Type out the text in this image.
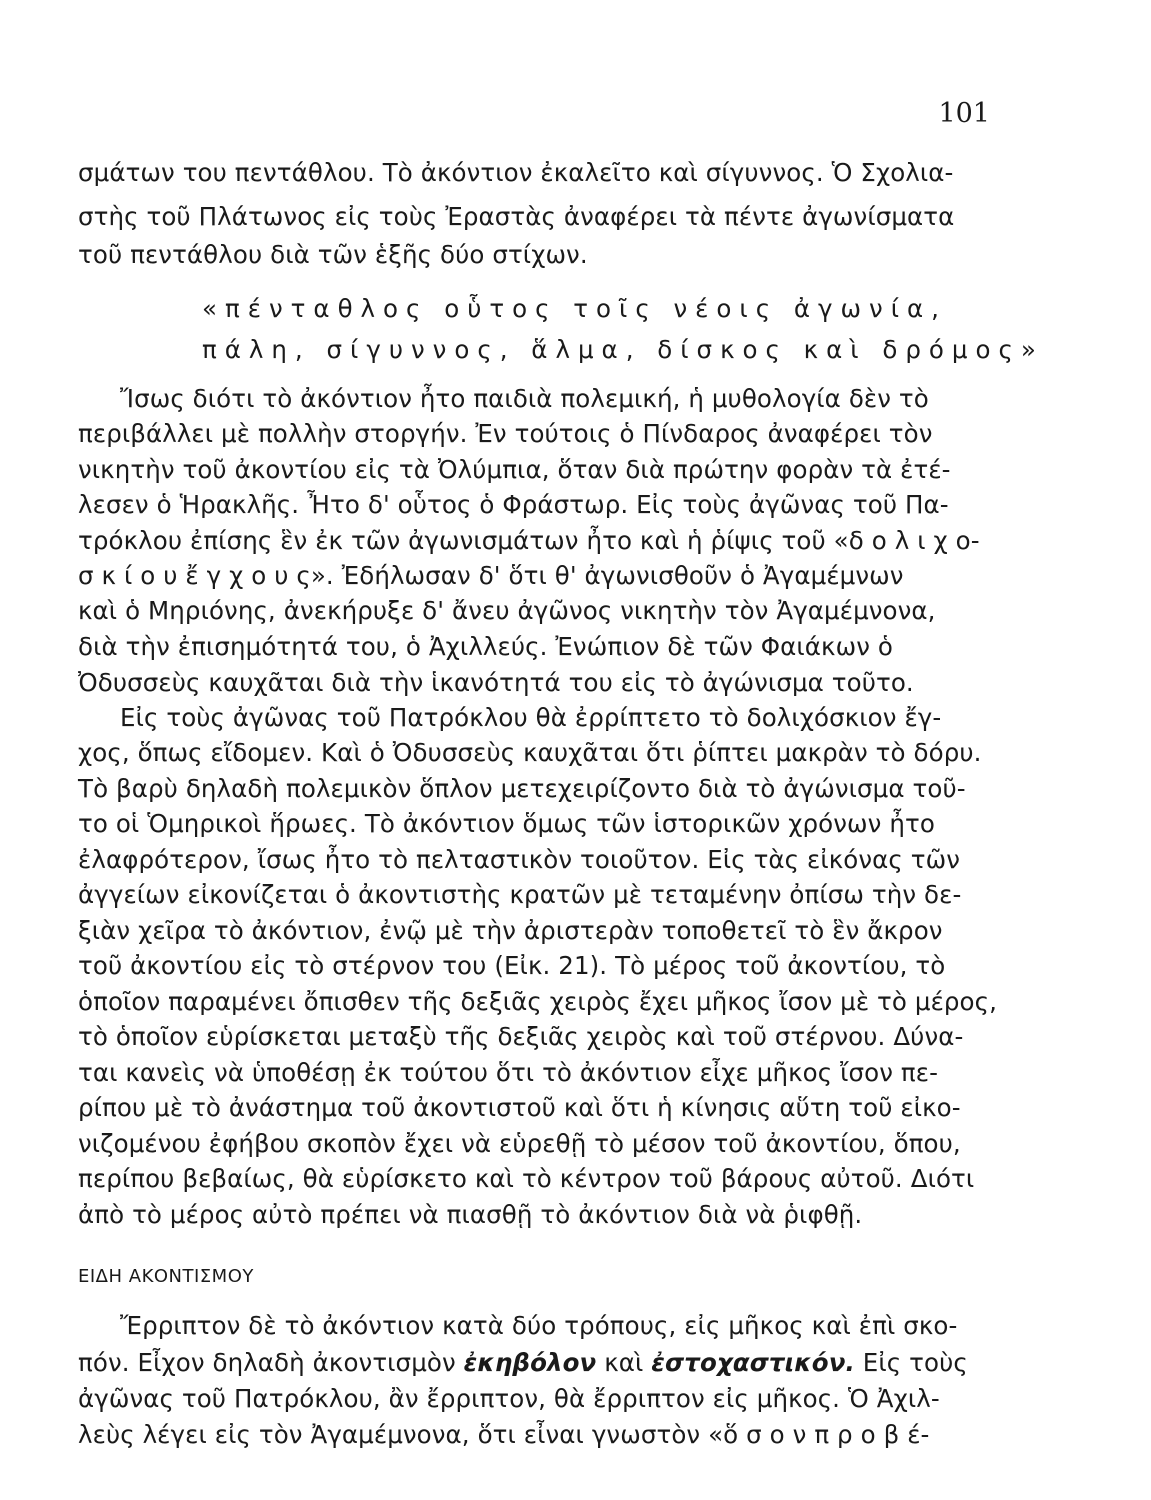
101
σμάτων του πεντάθλου. Τὸ ἀκόντιον ἐκαλεῖτο καὶ σίγυννος. Ὁ Σχολια-
στὴς τοῦ Πλάτωνος εἰς τοὺς Ἐραστὰς ἀναφέρει τὰ πέντε ἀγωνίσματα
τοῦ πεντάθλου διὰ τῶν ἑξῆς δύο στίχων.
«πένταθλος οὗτος τοῖς νέοις ἀγωνία,
πάλη, σίγυννος, ἅλμα, δίσκος καὶ δρόμος»
Ἴσως διότι τὸ ἀκόντιον ἦτο παιδιὰ πολεμική, ἡ μυθολογία δὲν τὸ
περιβάλλει μὲ πολλὴν στοργήν. Ἐν τούτοις ὁ Πίνδαρος ἀναφέρει τὸν
νικητὴν τοῦ ἀκοντίου εἰς τὰ Ὀλύμπια, ὅταν διὰ πρώτην φορὰν τὰ ἐτέ-
λεσεν ὁ Ἡρακλῆς. Ἦτο δ' οὗτος ὁ Φράστωρ. Εἰς τοὺς ἀγῶνας τοῦ Πα-
τρόκλου ἐπίσης ἓν ἐκ τῶν ἀγωνισμάτων ἦτο καὶ ἡ ῥίψις τοῦ «δ ο λ ι χ ο-
σ κ ί ο υ ἔ γ χ ο υ ς». Ἐδήλωσαν δ' ὅτι θ' ἀγωνισθοῦν ὁ Ἀγαμέμνων
καὶ ὁ Μηριόνης, ἀνεκήρυξε δ' ἄνευ ἀγῶνος νικητὴν τὸν Ἀγαμέμνονα,
διὰ τὴν ἐπισημότητά του, ὁ Ἀχιλλεύς. Ἐνώπιον δὲ τῶν Φαιάκων ὁ
Ὀδυσσεὺς καυχᾶται διὰ τὴν ἱκανότητά του εἰς τὸ ἀγώνισμα τοῦτο.
Εἰς τοὺς ἀγῶνας τοῦ Πατρόκλου θὰ ἐρρίπτετο τὸ δολιχόσκιον ἔγ-
χος, ὅπως εἴδομεν. Καὶ ὁ Ὀδυσσεὺς καυχᾶται ὅτι ῥίπτει μακρὰν τὸ δόρυ.
Τὸ βαρὺ δηλαδὴ πολεμικὸν ὅπλον μετεχειρίζοντο διὰ τὸ ἀγώνισμα τοῦ-
το οἱ Ὁμηρικοὶ ἥρωες. Τὸ ἀκόντιον ὅμως τῶν ἱστορικῶν χρόνων ἦτο
ἐλαφρότερον, ἴσως ἦτο τὸ πελταστικὸν τοιοῦτον. Εἰς τὰς εἰκόνας τῶν
ἀγγείων εἰκονίζεται ὁ ἀκοντιστὴς κρατῶν μὲ τεταμένην ὀπίσω τὴν δε-
ξιὰν χεῖρα τὸ ἀκόντιον, ἐνῷ μὲ τὴν ἀριστερὰν τοποθετεῖ τὸ ἓν ἄκρον
τοῦ ἀκοντίου εἰς τὸ στέρνον του (Εἰκ. 21). Τὸ μέρος τοῦ ἀκοντίου, τὸ
ὁποῖον παραμένει ὄπισθεν τῆς δεξιᾶς χειρὸς ἔχει μῆκος ἴσον μὲ τὸ μέρος,
τὸ ὁποῖον εὑρίσκεται μεταξὺ τῆς δεξιᾶς χειρὸς καὶ τοῦ στέρνου. Δύνα-
ται κανεὶς νὰ ὑποθέσῃ ἐκ τούτου ὅτι τὸ ἀκόντιον εἶχε μῆκος ἴσον πε-
ρίπου μὲ τὸ ἀνάστημα τοῦ ἀκοντιστοῦ καὶ ὅτι ἡ κίνησις αὕτη τοῦ εἰκο-
νιζομένου ἐφήβου σκοπὸν ἔχει νὰ εὑρεθῇ τὸ μέσον τοῦ ἀκοντίου, ὅπου,
περίπου βεβαίως, θὰ εὑρίσκετο καὶ τὸ κέντρον τοῦ βάρους αὐτοῦ. Διότι
ἀπὸ τὸ μέρος αὐτὸ πρέπει νὰ πιασθῇ τὸ ἀκόντιον διὰ νὰ ῥιφθῇ.
ΕΙΔΗ ΑΚΟΝΤΙΣΜΟΥ
Ἔρριπτον δὲ τὸ ἀκόντιον κατὰ δύο τρόπους, εἰς μῆκος καὶ ἐπὶ σκο-
πόν. Εἶχον δηλαδὴ ἀκοντισμὸν ἐκηβόλον καὶ ἐστοχαστικόν. Εἰς τοὺς
ἀγῶνας τοῦ Πατρόκλου, ἂν ἔρριπτον, θὰ ἔρριπτον εἰς μῆκος. Ὁ Ἀχιλ-
λεὺς λέγει εἰς τὸν Ἀγαμέμνονα, ὅτι εἶναι γνωστὸν «ὅ σ ο ν π ρ ο β έ-
